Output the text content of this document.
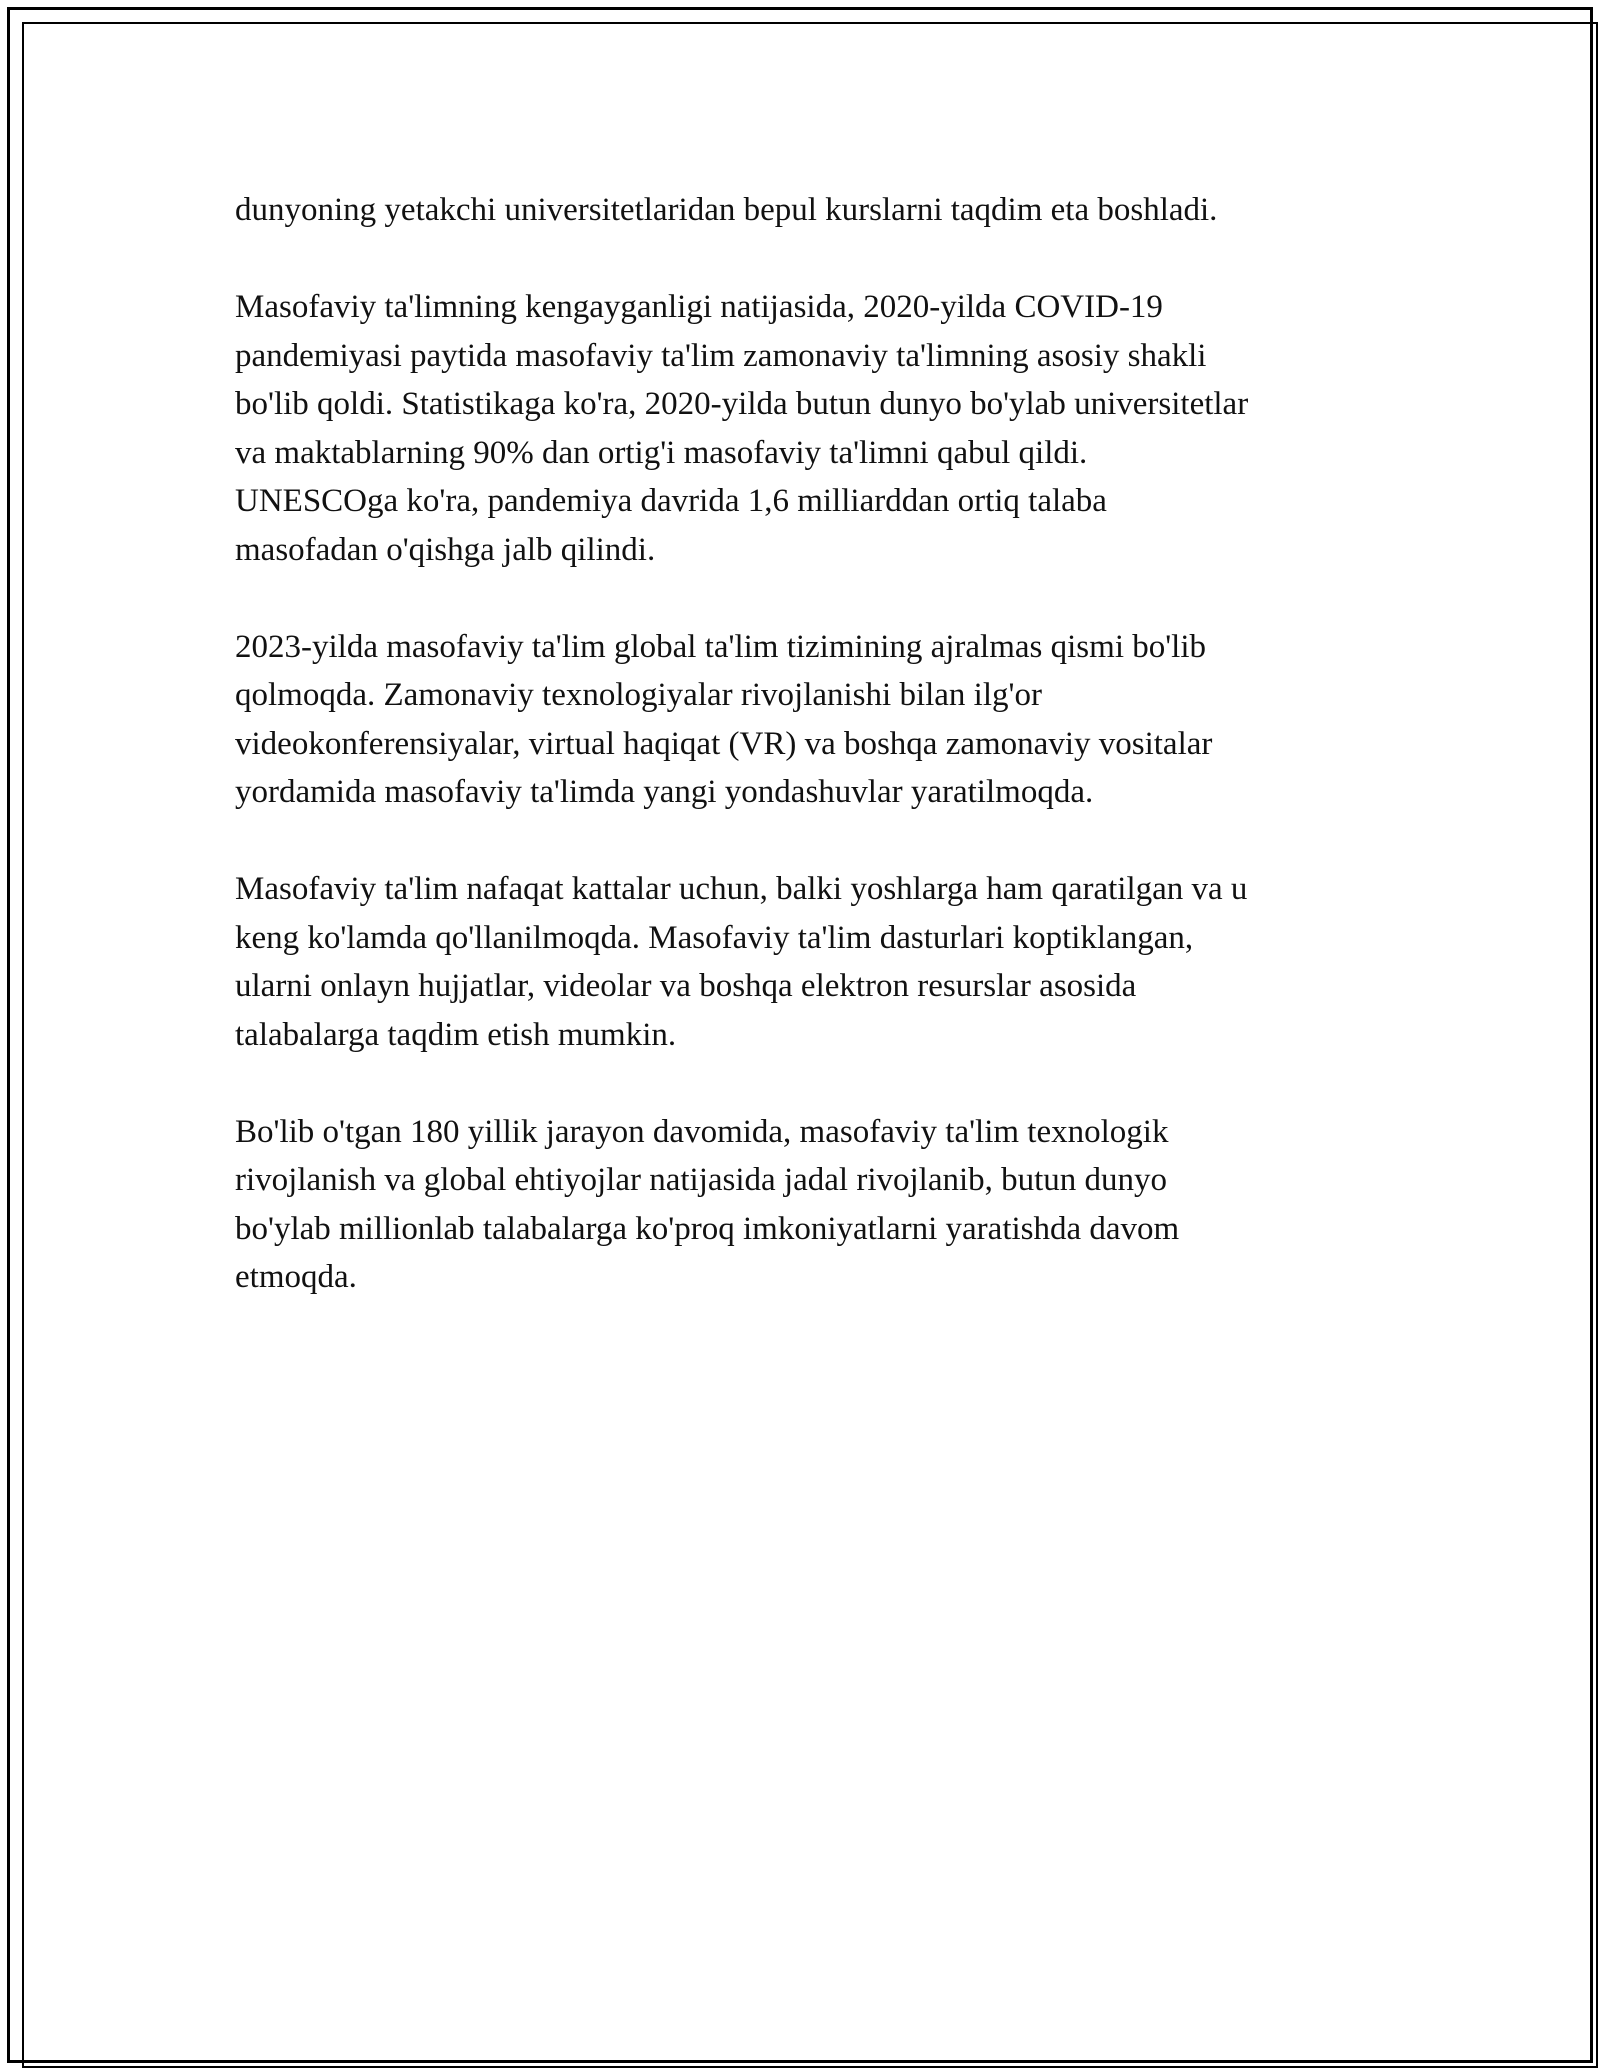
dunyoning yetakchi universitetlaridan bepul kurslarni taqdim eta boshladi.

Masofaviy ta'limning kengayganligi natijasida, 2020-yilda COVID-19
pandemiyasi paytida masofaviy ta'lim zamonaviy ta'limning asosiy shakli
bo'lib qoldi. Statistikaga ko'ra, 2020-yilda butun dunyo bo'ylab universitetlar
va maktablarning 90% dan ortig'i masofaviy ta'limni qabul qildi.
UNESCOga ko'ra, pandemiya davrida 1,6 milliarddan ortiq talaba
masofadan o'qishga jalb qilindi.

2023-yilda masofaviy ta'lim global ta'lim tizimining ajralmas qismi bo'lib
qolmoqda. Zamonaviy texnologiyalar rivojlanishi bilan ilg'or
videokonferensiyalar, virtual haqiqat (VR) va boshqa zamonaviy vositalar
yordamida masofaviy ta'limda yangi yondashuvlar yaratilmoqda.

Masofaviy ta'lim nafaqat kattalar uchun, balki yoshlarga ham qaratilgan va u
keng ko'lamda qo'llanilmoqda. Masofaviy ta'lim dasturlari koptiklangan,
ularni onlayn hujjatlar, videolar va boshqa elektron resurslar asosida
talabalarga taqdim etish mumkin.

Bo'lib o'tgan 180 yillik jarayon davomida, masofaviy ta'lim texnologik
rivojlanish va global ehtiyojlar natijasida jadal rivojlanib, butun dunyo
bo'ylab millionlab talabalarga ko'proq imkoniyatlarni yaratishda davom
etmoqda.
